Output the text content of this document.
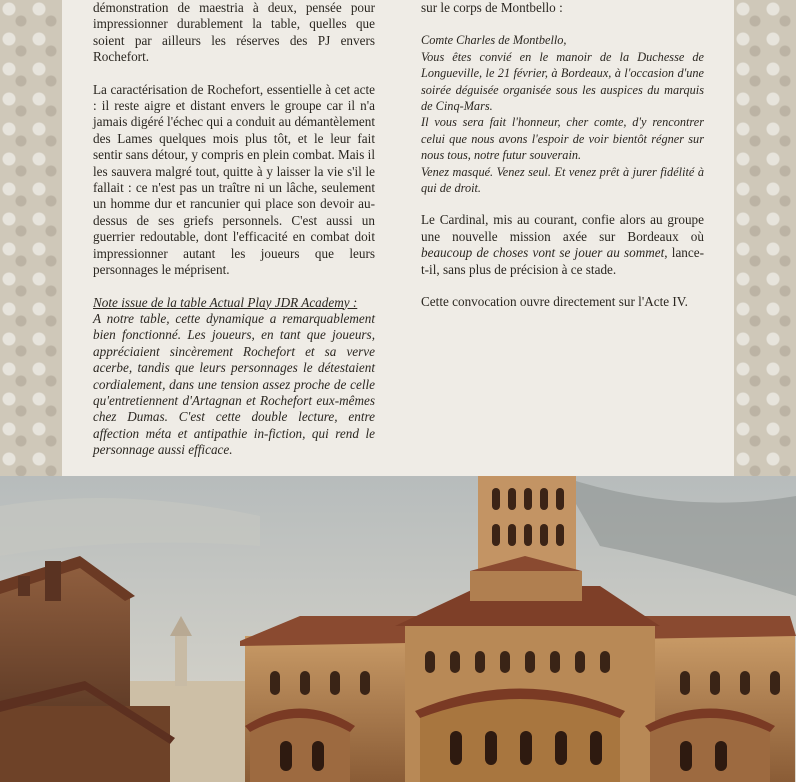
démonstration de maestria à deux, pensée pour impressionner durablement la table, quelles que soient par ailleurs les réserves des PJ envers Rochefort.

La caractérisation de Rochefort, essentielle à cet acte : il reste aigre et distant envers le groupe car il n'a jamais digéré l'échec qui a conduit au démantèlement des Lames quelques mois plus tôt, et le leur fait sentir sans détour, y compris en plein combat. Mais il les sauvera malgré tout, quitte à y laisser la vie s'il le fallait : ce n'est pas un traître ni un lâche, seulement un homme dur et rancunier qui place son devoir au-dessus de ses griefs personnels. C'est aussi un guerrier redoutable, dont l'efficacité en combat doit impressionner autant les joueurs que leurs personnages le méprisent.

Note issue de la table Actual Play JDR Academy :

A notre table, cette dynamique a remarquablement bien fonctionné. Les joueurs, en tant que joueurs, appréciaient sincèrement Rochefort et sa verve acerbe, tandis que leurs personnages le détestaient cordialement, dans une tension assez proche de celle qu'entretiennent d'Artagnan et Rochefort eux-mêmes chez Dumas. C'est cette double lecture, entre affection méta et antipathie in-fiction, qui rend le personnage aussi efficace.

sur le corps de Montbello :

Comte Charles de Montbello,
Vous êtes convié en le manoir de la Duchesse de Longueville, le 21 février, à Bordeaux, à l'occasion d'une soirée déguisée organisée sous les auspices du marquis de Cinq-Mars.
Il vous sera fait l'honneur, cher comte, d'y rencontrer celui que nous avons l'espoir de voir bientôt régner sur nous tous, notre futur souverain.
Venez masqué. Venez seul. Et venez prêt à jurer fidélité à qui de droit.

Le Cardinal, mis au courant, confie alors au groupe une nouvelle mission axée sur Bordeaux où beaucoup de choses vont se jouer au sommet, lance-t-il, sans plus de précision à ce stade.

Cette convocation ouvre directement sur l'Acte IV.
